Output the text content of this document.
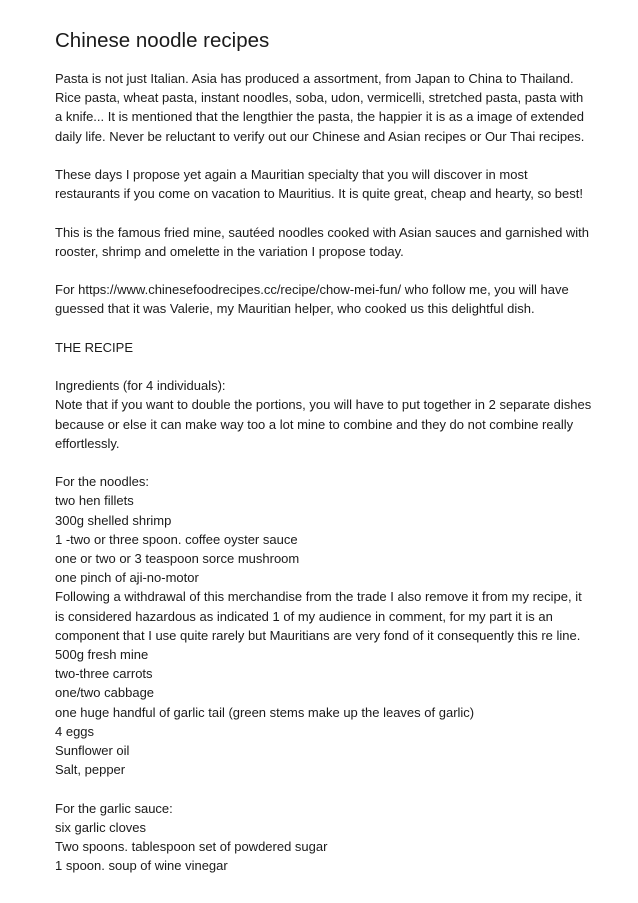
Chinese noodle recipes

Pasta is not just Italian. Asia has produced a assortment, from Japan to China to Thailand.
Rice pasta, wheat pasta, instant noodles, soba, udon, vermicelli, stretched pasta, pasta with
a knife... It is mentioned that the lengthier the pasta, the happier it is as a image of extended
daily life. Never be reluctant to verify out our Chinese and Asian recipes or Our Thai recipes.

These days I propose yet again a Mauritian specialty that you will discover in most
restaurants if you come on vacation to Mauritius. It is quite great, cheap and hearty, so best!

This is the famous fried mine, sautéed noodles cooked with Asian sauces and garnished with
rooster, shrimp and omelette in the variation I propose today.

For https://www.chinesefoodrecipes.cc/recipe/chow-mei-fun/ who follow me, you will have
guessed that it was Valerie, my Mauritian helper, who cooked us this delightful dish.

THE RECIPE

Ingredients (for 4 individuals):
Note that if you want to double the portions, you will have to put together in 2 separate dishes
because or else it can make way too a lot mine to combine and they do not combine really
effortlessly.

For the noodles:
two hen fillets
300g shelled shrimp
1 -two or three spoon. coffee oyster sauce
one or two or 3 teaspoon sorce mushroom
one pinch of aji-no-motor
Following a withdrawal of this merchandise from the trade I also remove it from my recipe, it
is considered hazardous as indicated 1 of my audience in comment, for my part it is an
component that I use quite rarely but Mauritians are very fond of it consequently this re line.
500g fresh mine
two-three carrots
one/two cabbage
one huge handful of garlic tail (green stems make up the leaves of garlic)
4 eggs
Sunflower oil
Salt, pepper

For the garlic sauce:
six garlic cloves
Two spoons. tablespoon set of powdered sugar
1 spoon. soup of wine vinegar
